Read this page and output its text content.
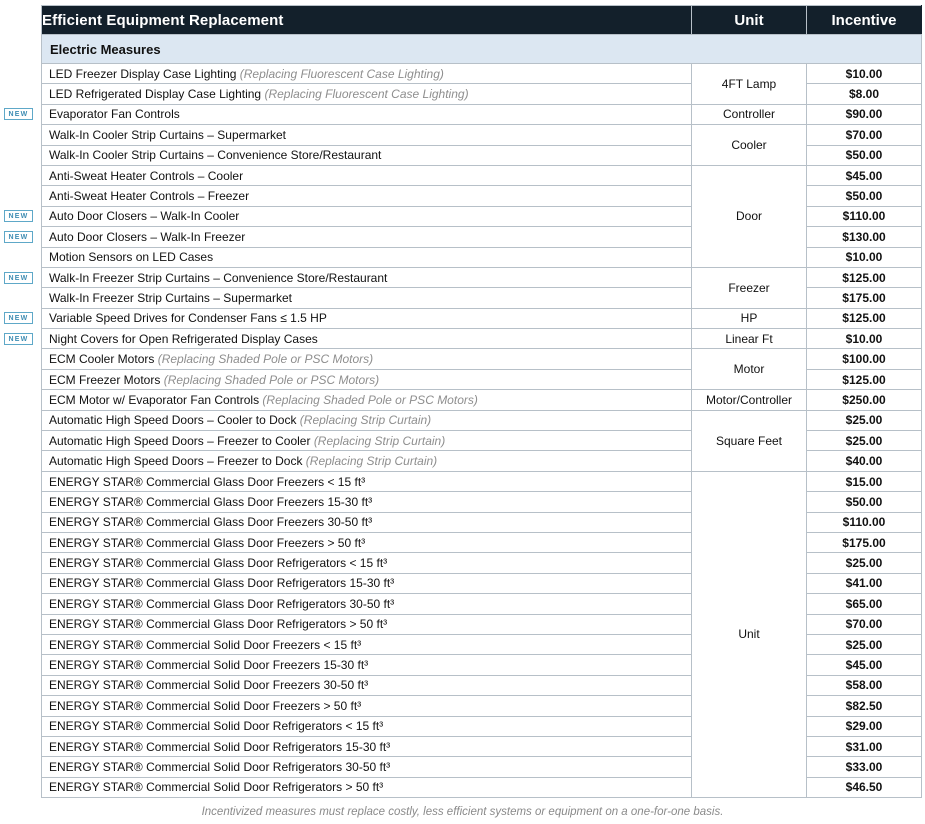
Efficient Equipment Replacement	Unit	Incentive
Electric Measures		
LED Freezer Display Case Lighting (Replacing Fluorescent Case Lighting)	4FT Lamp	$10.00
LED Refrigerated Display Case Lighting (Replacing Fluorescent Case Lighting)		$8.00
Evaporator Fan Controls	Controller	$90.00
Walk-In Cooler Strip Curtains – Supermarket	Cooler	$70.00
Walk-In Cooler Strip Curtains – Convenience Store/Restaurant		$50.00
Anti-Sweat Heater Controls – Cooler	Door	$45.00
Anti-Sweat Heater Controls – Freezer		$50.00
Auto Door Closers – Walk-In Cooler		$110.00
Auto Door Closers – Walk-In Freezer		$130.00
Motion Sensors on LED Cases		$10.00
Walk-In Freezer Strip Curtains – Convenience Store/Restaurant	Freezer	$125.00
Walk-In Freezer Strip Curtains – Supermarket		$175.00
Variable Speed Drives for Condenser Fans ≤ 1.5 HP	HP	$125.00
Night Covers for Open Refrigerated Display Cases	Linear Ft	$10.00
ECM Cooler Motors (Replacing Shaded Pole or PSC Motors)	Motor	$100.00
ECM Freezer Motors (Replacing Shaded Pole or PSC Motors)		$125.00
ECM Motor w/ Evaporator Fan Controls (Replacing Shaded Pole or PSC Motors)	Motor/Controller	$250.00
Automatic High Speed Doors – Cooler to Dock (Replacing Strip Curtain)	Square Feet	$25.00
Automatic High Speed Doors – Freezer to Cooler (Replacing Strip Curtain)		$25.00
Automatic High Speed Doors – Freezer to Dock (Replacing Strip Curtain)		$40.00
ENERGY STAR® Commercial Glass Door Freezers < 15 ft³	Unit	$15.00
ENERGY STAR® Commercial Glass Door Freezers 15-30 ft³		$50.00
ENERGY STAR® Commercial Glass Door Freezers 30-50 ft³		$110.00
ENERGY STAR® Commercial Glass Door Freezers > 50 ft³		$175.00
ENERGY STAR® Commercial Glass Door Refrigerators < 15 ft³		$25.00
ENERGY STAR® Commercial Glass Door Refrigerators 15-30 ft³		$41.00
ENERGY STAR® Commercial Glass Door Refrigerators 30-50 ft³		$65.00
ENERGY STAR® Commercial Glass Door Refrigerators > 50 ft³		$70.00
ENERGY STAR® Commercial Solid Door Freezers < 15 ft³		$25.00
ENERGY STAR® Commercial Solid Door Freezers 15-30 ft³		$45.00
ENERGY STAR® Commercial Solid Door Freezers 30-50 ft³		$58.00
ENERGY STAR® Commercial Solid Door Freezers > 50 ft³		$82.50
ENERGY STAR® Commercial Solid Door Refrigerators < 15 ft³		$29.00
ENERGY STAR® Commercial Solid Door Refrigerators 15-30 ft³		$31.00
ENERGY STAR® Commercial Solid Door Refrigerators 30-50 ft³		$33.00
ENERGY STAR® Commercial Solid Door Refrigerators > 50 ft³		$46.50
NEW
NEW
NEW
NEW
NEW
NEW
Incentivized measures must replace costly, less efficient systems or equipment on a one-for-one basis.
